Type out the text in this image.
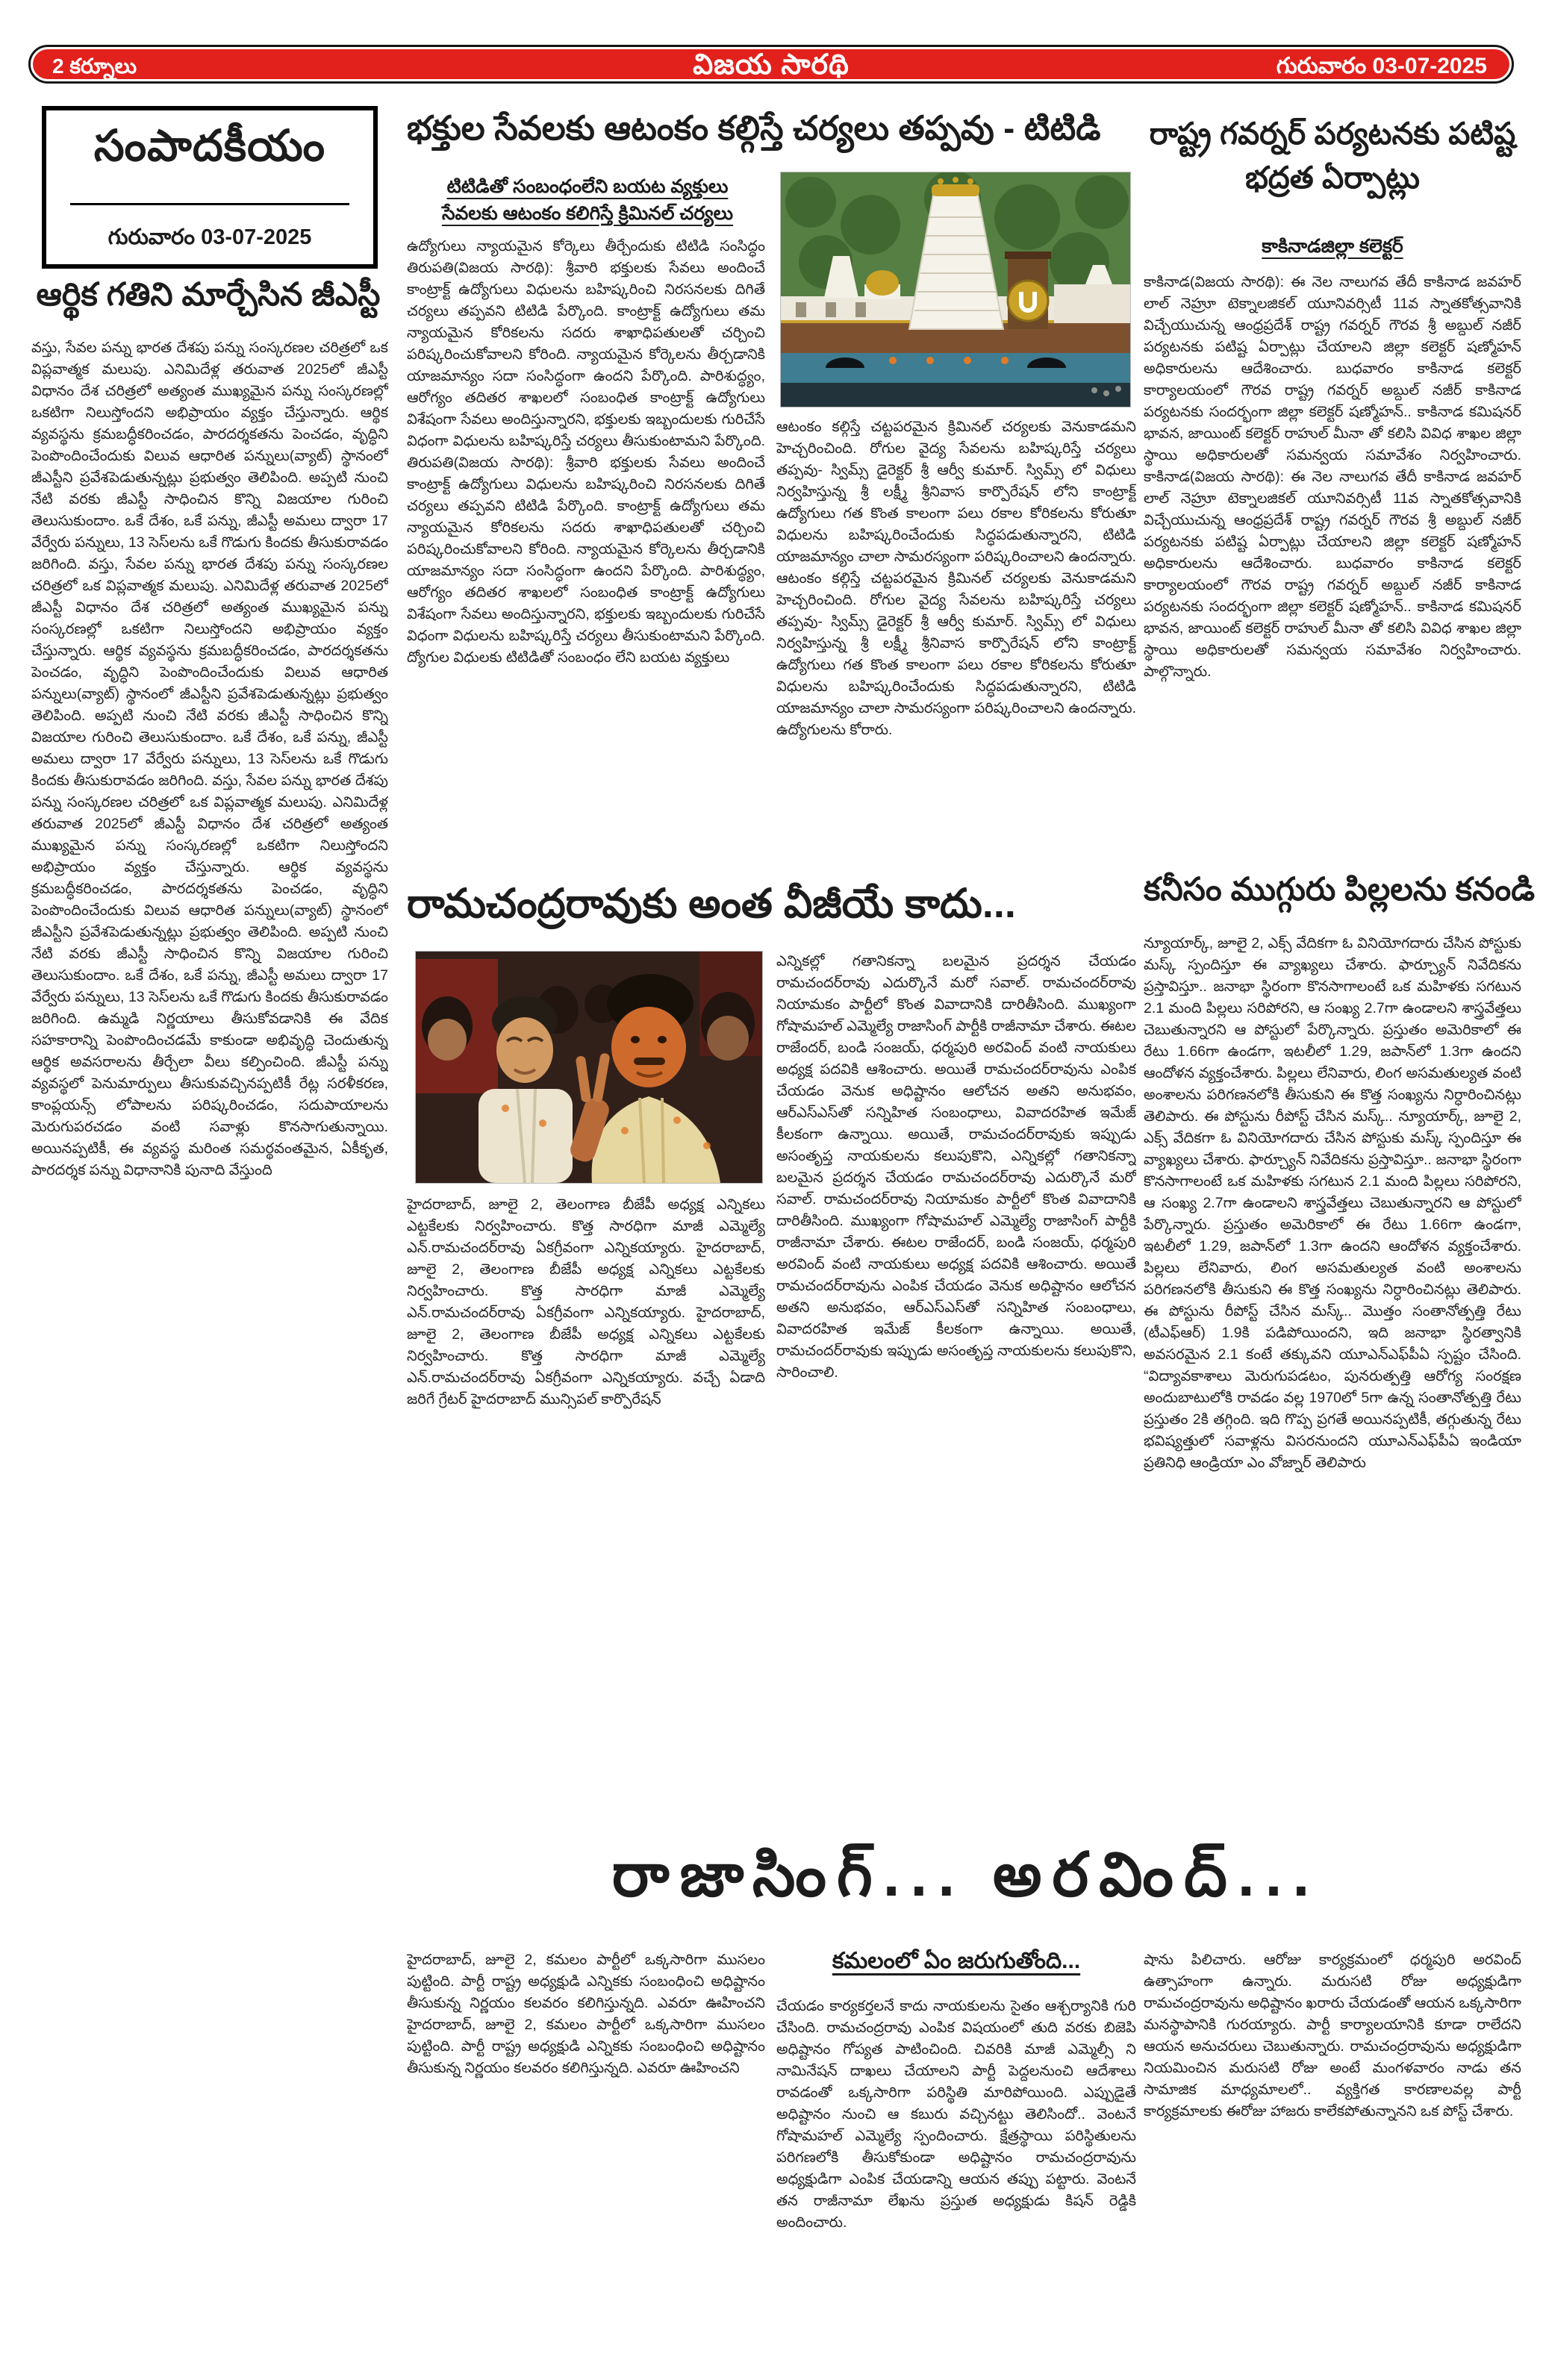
2 కర్నూలు	విజయ సారథి	గురువారం 03-07-2025
సంపాదకీయం
గురువారం 03-07-2025
ఆర్థిక గతిని మార్చేసిన జీఎస్టీ
వస్తు, సేవల పన్ను భారత దేశపు పన్ను సంస్కరణల చరిత్రలో ఒక విప్లవాత్మక మలుపు. ఎనిమిదేళ్ల తరువాత 2025లో జీఎస్టీ విధానం దేశ చరిత్రలో అత్యంత ముఖ్యమైన పన్ను సంస్కరణల్లో ఒకటిగా నిలుస్తోందని అభిప్రాయం వ్యక్తం చేస్తున్నారు. ఆర్థిక వ్యవస్థను క్రమబద్ధీకరించడం, పారదర్శకతను పెంచడం, వృద్ధిని పెంపొందించేందుకు విలువ ఆధారిత పన్నులు(వ్యాట్) స్థానంలో జీఎస్టీని ప్రవేశపెడుతున్నట్లు ప్రభుత్వం తెలిపింది. అప్పటి నుంచి నేటి వరకు జీఎస్టీ సాధించిన కొన్ని విజయాల గురించి తెలుసుకుందాం. ఒకే దేశం, ఒకే పన్ను, జీఎస్టీ అమలు ద్వారా 17 వేర్వేరు పన్నులు, 13 సెస్‌లను ఒకే గొడుగు కిందకు తీసుకురావడం జరిగింది. వస్తు, సేవల పన్ను భారత దేశపు పన్ను సంస్కరణల చరిత్రలో ఒక విప్లవాత్మక మలుపు. ఎనిమిదేళ్ల తరువాత 2025లో జీఎస్టీ విధానం దేశ చరిత్రలో అత్యంత ముఖ్యమైన పన్ను సంస్కరణల్లో ఒకటిగా నిలుస్తోందని అభిప్రాయం వ్యక్తం చేస్తున్నారు. ఆర్థిక వ్యవస్థను క్రమబద్ధీకరించడం, పారదర్శకతను పెంచడం, వృద్ధిని పెంపొందించేందుకు విలువ ఆధారిత పన్నులు(వ్యాట్) స్థానంలో జీఎస్టీని ప్రవేశపెడుతున్నట్లు ప్రభుత్వం తెలిపింది. అప్పటి నుంచి నేటి వరకు జీఎస్టీ సాధించిన కొన్ని విజయాల గురించి తెలుసుకుందాం. ఒకే దేశం, ఒకే పన్ను, జీఎస్టీ అమలు ద్వారా 17 వేర్వేరు పన్నులు, 13 సెస్‌లను ఒకే గొడుగు కిందకు తీసుకురావడం జరిగింది. వస్తు, సేవల పన్ను భారత దేశపు పన్ను సంస్కరణల చరిత్రలో ఒక విప్లవాత్మక మలుపు. ఎనిమిదేళ్ల తరువాత 2025లో జీఎస్టీ విధానం దేశ చరిత్రలో అత్యంత ముఖ్యమైన పన్ను సంస్కరణల్లో ఒకటిగా నిలుస్తోందని అభిప్రాయం వ్యక్తం చేస్తున్నారు. ఆర్థిక వ్యవస్థను క్రమబద్ధీకరించడం, పారదర్శకతను పెంచడం, వృద్ధిని పెంపొందించేందుకు విలువ ఆధారిత పన్నులు(వ్యాట్) స్థానంలో జీఎస్టీని ప్రవేశపెడుతున్నట్లు ప్రభుత్వం తెలిపింది. అప్పటి నుంచి నేటి వరకు జీఎస్టీ సాధించిన కొన్ని విజయాల గురించి తెలుసుకుందాం. ఒకే దేశం, ఒకే పన్ను, జీఎస్టీ అమలు ద్వారా 17 వేర్వేరు పన్నులు, 13 సెస్‌లను ఒకే గొడుగు కిందకు తీసుకురావడం జరిగింది. ఉమ్మడి నిర్ణయాలు తీసుకోవడానికి ఈ వేదిక సహకారాన్ని పెంపొందించడమే కాకుండా అభివృద్ధి చెందుతున్న ఆర్థిక అవసరాలను తీర్చేలా వీలు కల్పించింది. జీఎస్టీ పన్ను వ్యవస్థలో పెనుమార్పులు తీసుకువచ్చినప్పటికీ రేట్ల సరళీకరణ, కాంప్లయన్స్ లోపాలను పరిష్కరించడం, సదుపాయాలను మెరుగుపరచడం వంటి సవాళ్లు కొనసాగుతున్నాయి. అయినప్పటికీ, ఈ వ్యవస్థ మరింత సమర్థవంతమైన, ఏకీకృత, పారదర్శక పన్ను విధానానికి పునాది వేస్తుంది
భక్తుల సేవలకు ఆటంకం కల్గిస్తే చర్యలు తప్పవు - టిటిడి
టిటిడితో సంబంధంలేని బయట వ్యక్తులు
సేవలకు ఆటంకం కలిగిస్తే క్రిమినల్ చర్యలు
ఉద్యోగులు న్యాయమైన కోర్కెలు తీర్చేందుకు టిటిడి సంసిద్ధం తిరుపతి(విజయ సారథి): శ్రీవారి భక్తులకు సేవలు అందించే కాంట్రాక్ట్ ఉద్యోగులు విధులను బహిష్కరించి నిరసనలకు దిగితే చర్యలు తప్పవని టిటిడి పేర్కొంది. కాంట్రాక్ట్ ఉద్యోగులు తమ న్యాయమైన కోరికలను సదరు శాఖాధిపతులతో చర్చించి పరిష్కరించుకోవాలని కోరింది. న్యాయమైన కోర్కెలను తీర్చడానికి యాజమాన్యం సదా సంసిద్ధంగా ఉందని పేర్కొంది. పారిశుద్ధ్యం, ఆరోగ్యం తదితర శాఖలలో సంబంధిత కాంట్రాక్ట్ ఉద్యోగులు విశేషంగా సేవలు అందిస్తున్నారని, భక్తులకు ఇబ్బందులకు గురిచేసే విధంగా విధులను బహిష్కరిస్తే చర్యలు తీసుకుంటామని పేర్కొంది. తిరుపతి(విజయ సారథి): శ్రీవారి భక్తులకు సేవలు అందించే కాంట్రాక్ట్ ఉద్యోగులు విధులను బహిష్కరించి నిరసనలకు దిగితే చర్యలు తప్పవని టిటిడి పేర్కొంది. కాంట్రాక్ట్ ఉద్యోగులు తమ న్యాయమైన కోరికలను సదరు శాఖాధిపతులతో చర్చించి పరిష్కరించుకోవాలని కోరింది. న్యాయమైన కోర్కెలను తీర్చడానికి యాజమాన్యం సదా సంసిద్ధంగా ఉందని పేర్కొంది. పారిశుద్ధ్యం, ఆరోగ్యం తదితర శాఖలలో సంబంధిత కాంట్రాక్ట్ ఉద్యోగులు విశేషంగా సేవలు అందిస్తున్నారని, భక్తులకు ఇబ్బందులకు గురిచేసే విధంగా విధులను బహిష్కరిస్తే చర్యలు తీసుకుంటామని పేర్కొంది. ద్యోగుల విధులకు టిటిడితో సంబంధం లేని బయట వ్యక్తులు
ఆటంకం కల్గిస్తే చట్టపరమైన క్రిమినల్ చర్యలకు వెనుకాడమని హెచ్చరించింది. రోగుల వైద్య సేవలను బహిష్కరిస్తే చర్యలు తప్పవు- స్విమ్స్ డైరెక్టర్ శ్రీ ఆర్వీ కుమార్. స్విమ్స్ లో విధులు నిర్వహిస్తున్న శ్రీ లక్ష్మీ శ్రీనివాస కార్పొరేషన్ లోని కాంట్రాక్ట్ ఉద్యోగులు గత కొంత కాలంగా పలు రకాల కోరికలను కోరుతూ విధులను బహిష్కరించేందుకు సిద్ధపడుతున్నారని, టిటిడి యాజమాన్యం చాలా సామరస్యంగా పరిష్కరించాలని ఉందన్నారు. ఆటంకం కల్గిస్తే చట్టపరమైన క్రిమినల్ చర్యలకు వెనుకాడమని హెచ్చరించింది. రోగుల వైద్య సేవలను బహిష్కరిస్తే చర్యలు తప్పవు- స్విమ్స్ డైరెక్టర్ శ్రీ ఆర్వీ కుమార్. స్విమ్స్ లో విధులు నిర్వహిస్తున్న శ్రీ లక్ష్మీ శ్రీనివాస కార్పొరేషన్ లోని కాంట్రాక్ట్ ఉద్యోగులు గత కొంత కాలంగా పలు రకాల కోరికలను కోరుతూ విధులను బహిష్కరించేందుకు సిద్ధపడుతున్నారని, టిటిడి యాజమాన్యం చాలా సామరస్యంగా పరిష్కరించాలని ఉందన్నారు. ఉద్యోగులను కోరారు.
రాష్ట్ర గవర్నర్ పర్యటనకు పటిష్ట భద్రత ఏర్పాట్లు
కాకినాడజిల్లా కలెక్టర్
కాకినాడ(విజయ సారథి): ఈ నెల నాలుగవ తేదీ కాకినాడ జవహర్ లాల్ నెహ్రూ టెక్నాలజికల్ యూనివర్సిటీ 11వ స్నాతకోత్సవానికి విచ్చేయుచున్న ఆంధ్రప్రదేశ్ రాష్ట్ర గవర్నర్ గౌరవ శ్రీ అబ్దుల్ నజీర్ పర్యటనకు పటిష్ట ఏర్పాట్లు చేయాలని జిల్లా కలెక్టర్ షణ్మోహన్ అధికారులను ఆదేశించారు. బుధవారం కాకినాడ కలెక్టర్ కార్యాలయంలో గౌరవ రాష్ట్ర గవర్నర్ అబ్దుల్ నజీర్ కాకినాడ పర్యటనకు సందర్భంగా జిల్లా కలెక్టర్ షణ్మోహన్.. కాకినాడ కమిషనర్ భావన, జాయింట్ కలెక్టర్ రాహుల్ మీనా తో కలిసి వివిధ శాఖల జిల్లా స్థాయి అధికారులతో సమన్వయ సమావేశం నిర్వహించారు. కాకినాడ(విజయ సారథి): ఈ నెల నాలుగవ తేదీ కాకినాడ జవహర్ లాల్ నెహ్రూ టెక్నాలజికల్ యూనివర్సిటీ 11వ స్నాతకోత్సవానికి విచ్చేయుచున్న ఆంధ్రప్రదేశ్ రాష్ట్ర గవర్నర్ గౌరవ శ్రీ అబ్దుల్ నజీర్ పర్యటనకు పటిష్ట ఏర్పాట్లు చేయాలని జిల్లా కలెక్టర్ షణ్మోహన్ అధికారులను ఆదేశించారు. బుధవారం కాకినాడ కలెక్టర్ కార్యాలయంలో గౌరవ రాష్ట్ర గవర్నర్ అబ్దుల్ నజీర్ కాకినాడ పర్యటనకు సందర్భంగా జిల్లా కలెక్టర్ షణ్మోహన్.. కాకినాడ కమిషనర్ భావన, జాయింట్ కలెక్టర్ రాహుల్ మీనా తో కలిసి వివిధ శాఖల జిల్లా స్థాయి అధికారులతో సమన్వయ సమావేశం నిర్వహించారు. పాల్గొన్నారు.
రామచంద్రరావుకు అంత వీజీయే కాదు...
హైదరాబాద్, జూలై 2, తెలంగాణ బీజేపీ అధ్యక్ష ఎన్నికలు ఎట్టకేలకు నిర్వహించారు. కొత్త సారధిగా మాజీ ఎమ్మెల్యే ఎన్.రామచందర్‌రావు ఏకగ్రీవంగా ఎన్నికయ్యారు. హైదరాబాద్, జూలై 2, తెలంగాణ బీజేపీ అధ్యక్ష ఎన్నికలు ఎట్టకేలకు నిర్వహించారు. కొత్త సారధిగా మాజీ ఎమ్మెల్యే ఎన్.రామచందర్‌రావు ఏకగ్రీవంగా ఎన్నికయ్యారు. హైదరాబాద్, జూలై 2, తెలంగాణ బీజేపీ అధ్యక్ష ఎన్నికలు ఎట్టకేలకు నిర్వహించారు. కొత్త సారధిగా మాజీ ఎమ్మెల్యే ఎన్.రామచందర్‌రావు ఏకగ్రీవంగా ఎన్నికయ్యారు. వచ్చే ఏడాది జరిగే గ్రేటర్ హైదరాబాద్ మున్సిపల్ కార్పొరేషన్
ఎన్నికల్లో గతానికన్నా బలమైన ప్రదర్శన చేయడం రామచందర్‌రావు ఎదుర్కొనే మరో సవాల్. రామచందర్‌రావు నియామకం పార్టీలో కొంత వివాదానికి దారితీసింది. ముఖ్యంగా గోషామహల్ ఎమ్మెల్యే రాజాసింగ్ పార్టీకి రాజీనామా చేశారు. ఈటల రాజేందర్, బండి సంజయ్, ధర్మపురి అరవింద్ వంటి నాయకులు అధ్యక్ష పదవికి ఆశించారు. అయితే రామచందర్‌రావును ఎంపిక చేయడం వెనుక అధిష్టానం ఆలోచన అతని అనుభవం, ఆర్ఎస్ఎస్‌తో సన్నిహిత సంబంధాలు, వివాదరహిత ఇమేజ్ కీలకంగా ఉన్నాయి. అయితే, రామచందర్‌రావుకు ఇప్పుడు అసంతృప్త నాయకులను కలుపుకొని, ఎన్నికల్లో గతానికన్నా బలమైన ప్రదర్శన చేయడం రామచందర్‌రావు ఎదుర్కొనే మరో సవాల్. రామచందర్‌రావు నియామకం పార్టీలో కొంత వివాదానికి దారితీసింది. ముఖ్యంగా గోషామహల్ ఎమ్మెల్యే రాజాసింగ్ పార్టీకి రాజీనామా చేశారు. ఈటల రాజేందర్, బండి సంజయ్, ధర్మపురి అరవింద్ వంటి నాయకులు అధ్యక్ష పదవికి ఆశించారు. అయితే రామచందర్‌రావును ఎంపిక చేయడం వెనుక అధిష్టానం ఆలోచన అతని అనుభవం, ఆర్ఎస్ఎస్‌తో సన్నిహిత సంబంధాలు, వివాదరహిత ఇమేజ్ కీలకంగా ఉన్నాయి. అయితే, రామచందర్‌రావుకు ఇప్పుడు అసంతృప్త నాయకులను కలుపుకొని, సారించాలి.
కనీసం ముగ్గురు పిల్లలను కనండి
న్యూయార్క్, జూలై 2, ఎక్స్ వేదికగా ఓ వినియోగదారు చేసిన పోస్టుకు మస్క్ స్పందిస్తూ ఈ వ్యాఖ్యలు చేశారు. ఫార్చ్యూన్ నివేదికను ప్రస్తావిస్తూ.. జనాభా స్థిరంగా కొనసాగాలంటే ఒక మహిళకు సగటున 2.1 మంది పిల్లలు సరిపోరని, ఆ సంఖ్య 2.7గా ఉండాలని శాస్త్రవేత్తలు చెబుతున్నారని ఆ పోస్టులో పేర్కొన్నారు. ప్రస్తుతం అమెరికాలో ఈ రేటు 1.66గా ఉండగా, ఇటలీలో 1.29, జపాన్‌లో 1.3గా ఉందని ఆందోళన వ్యక్తంచేశారు. పిల్లలు లేనివారు, లింగ అసమతుల్యత వంటి అంశాలను పరిగణనలోకి తీసుకుని ఈ కొత్త సంఖ్యను నిర్ధారించినట్లు తెలిపారు. ఈ పోస్టును రీపోస్ట్ చేసిన మస్క్.. న్యూయార్క్, జూలై 2, ఎక్స్ వేదికగా ఓ వినియోగదారు చేసిన పోస్టుకు మస్క్ స్పందిస్తూ ఈ వ్యాఖ్యలు చేశారు. ఫార్చ్యూన్ నివేదికను ప్రస్తావిస్తూ.. జనాభా స్థిరంగా కొనసాగాలంటే ఒక మహిళకు సగటున 2.1 మంది పిల్లలు సరిపోరని, ఆ సంఖ్య 2.7గా ఉండాలని శాస్త్రవేత్తలు చెబుతున్నారని ఆ పోస్టులో పేర్కొన్నారు. ప్రస్తుతం అమెరికాలో ఈ రేటు 1.66గా ఉండగా, ఇటలీలో 1.29, జపాన్‌లో 1.3గా ఉందని ఆందోళన వ్యక్తంచేశారు. పిల్లలు లేనివారు, లింగ అసమతుల్యత వంటి అంశాలను పరిగణనలోకి తీసుకుని ఈ కొత్త సంఖ్యను నిర్ధారించినట్లు తెలిపారు. ఈ పోస్టును రీపోస్ట్ చేసిన మస్క్.. మొత్తం సంతానోత్పత్తి రేటు (టీఎఫ్ఆర్) 1.9కి పడిపోయిందని, ఇది జనాభా స్థిరత్వానికి అవసరమైన 2.1 కంటే తక్కువని యూఎన్ఎఫ్‌పీఏ స్పష్టం చేసింది. “విద్యావకాశాలు మెరుగుపడటం, పునరుత్పత్తి ఆరోగ్య సంరక్షణ అందుబాటులోకి రావడం వల్ల 1970లో 5గా ఉన్న సంతానోత్పత్తి రేటు ప్రస్తుతం 2కి తగ్గింది. ఇది గొప్ప ప్రగతే అయినప్పటికీ, తగ్గుతున్న రేటు భవిష్యత్తులో సవాళ్లను విసరనుందని యూఎన్ఎఫ్‌పీఏ ఇండియా ప్రతినిధి ఆండ్రియా ఎం వోజ్నార్ తెలిపారు
రాజాసింగ్... అరవింద్...
కమలంలో ఏం జరుగుతోంది...
హైదరాబాద్, జూలై 2, కమలం పార్టీలో ఒక్కసారిగా ముసలం పుట్టింది. పార్టీ రాష్ట్ర అధ్యక్షుడి ఎన్నికకు సంబంధించి అధిష్టానం తీసుకున్న నిర్ణయం కలవరం కలిగిస్తున్నది. ఎవరూ ఊహించని హైదరాబాద్, జూలై 2, కమలం పార్టీలో ఒక్కసారిగా ముసలం పుట్టింది. పార్టీ రాష్ట్ర అధ్యక్షుడి ఎన్నికకు సంబంధించి అధిష్టానం తీసుకున్న నిర్ణయం కలవరం కలిగిస్తున్నది. ఎవరూ ఊహించని
చేయడం కార్యకర్తలనే కాదు నాయకులను సైతం ఆశ్చర్యానికి గురి చేసింది. రామచంద్రరావు ఎంపిక విషయంలో తుది వరకు బిజెపి అధిష్టానం గోప్యత పాటించింది. చివరికి మాజీ ఎమ్మెల్సీ ని నామినేషన్ దాఖలు చేయాలని పార్టీ పెద్దలనుంచి ఆదేశాలు రావడంతో ఒక్కసారిగా పరిస్థితి మారిపోయింది. ఎప్పుడైతే అధిష్టానం నుంచి ఆ కబురు వచ్చినట్టు తెలిసిందో.. వెంటనే గోషామహల్ ఎమ్మెల్యే స్పందించారు. క్షేత్రస్థాయి పరిస్థితులను పరిగణలోకి తీసుకోకుండా అధిష్టానం రామచంద్రరావును అధ్యక్షుడిగా ఎంపిక చేయడాన్ని ఆయన తప్పు పట్టారు. వెంటనే తన రాజీనామా లేఖను ప్రస్తుత అధ్యక్షుడు కిషన్ రెడ్డికి అందించారు.
షాను పిలిచారు. ఆరోజు కార్యక్రమంలో ధర్మపురి అరవింద్ ఉత్సాహంగా ఉన్నారు. మరుసటి రోజు అధ్యక్షుడిగా రామచంద్రరావును అధిష్టానం ఖరారు చేయడంతో ఆయన ఒక్కసారిగా మనస్థాపానికి గురయ్యారు. పార్టీ కార్యాలయానికి కూడా రాలేదని ఆయన అనుచరులు చెబుతున్నారు. రామచంద్రరావును అధ్యక్షుడిగా నియమించిన మరుసటి రోజు అంటే మంగళవారం నాడు తన సామాజిక మాధ్యమాలలో.. వ్యక్తిగత కారణాలవల్ల పార్టీ కార్యక్రమాలకు ఈరోజు హాజరు కాలేకపోతున్నానని ఒక పోస్ట్ చేశారు.
